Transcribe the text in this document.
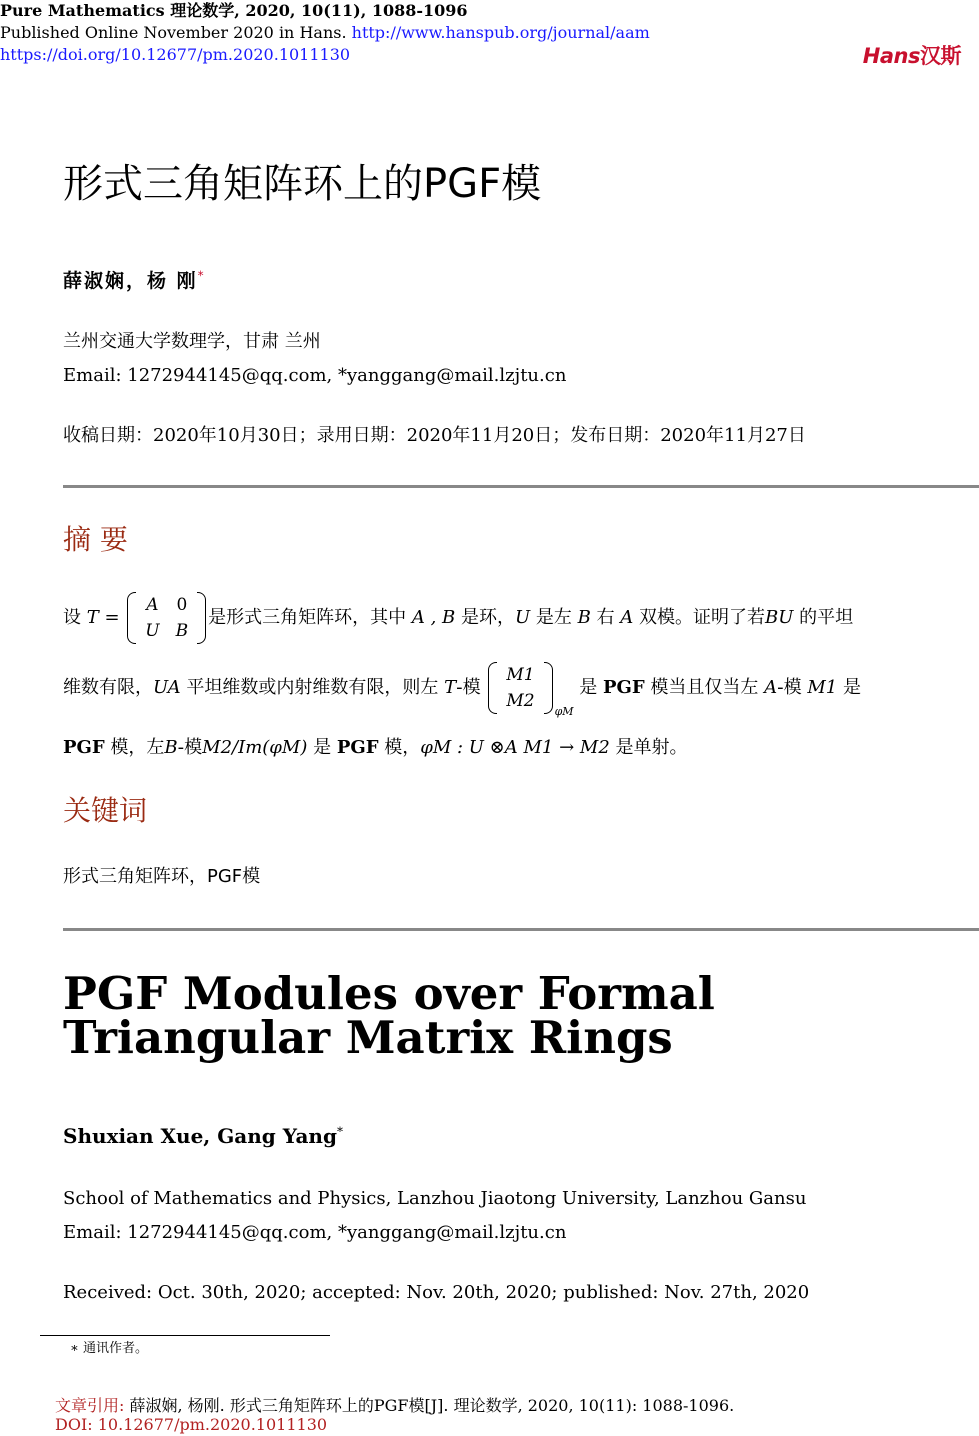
Pure Mathematics 理论数学, 2020, 10(11), 1088-1096
Published Online November 2020 in Hans. http://www.hanspub.org/journal/aam
https://doi.org/10.12677/pm.2020.1011130	Hans汉斯
形式三角矩阵环上的PGF模
薛淑娴，杨 刚*
兰州交通大学数理学，甘肃 兰州
Email: 1272944145@qq.com, *yanggang@mail.lzjtu.cn
收稿日期：2020年10月30日；录用日期：2020年11月20日；发布日期：2020年11月27日
摘 要
设 T =
A	0
U	B
是形式三角矩阵环，其中 A , B 是环，U 是左 B 右 A 双模。证明了若BU 的平坦
维数有限，UA 平坦维数或内射维数有限，则左 T-模
M1
M2
$_{\varphi M}$ 是 PGF 模当且仅当左 A-模 M1 是
PGF 模，左B-模M2/Im(φM) 是 PGF 模，φM : U ⊗A M1 → M2 是单射。
关键词
形式三角矩阵环，PGF模
PGF Modules over Formal Triangular Matrix Rings
Shuxian Xue, Gang Yang*
School of Mathematics and Physics, Lanzhou Jiaotong University, Lanzhou Gansu
Email: 1272944145@qq.com, *yanggang@mail.lzjtu.cn
Received: Oct. 30th, 2020; accepted: Nov. 20th, 2020; published: Nov. 27th, 2020
∗ 通讯作者。
文章引用: 薛淑娴, 杨刚. 形式三角矩阵环上的PGF模[J]. 理论数学, 2020, 10(11): 1088-1096.
DOI: 10.12677/pm.2020.1011130
